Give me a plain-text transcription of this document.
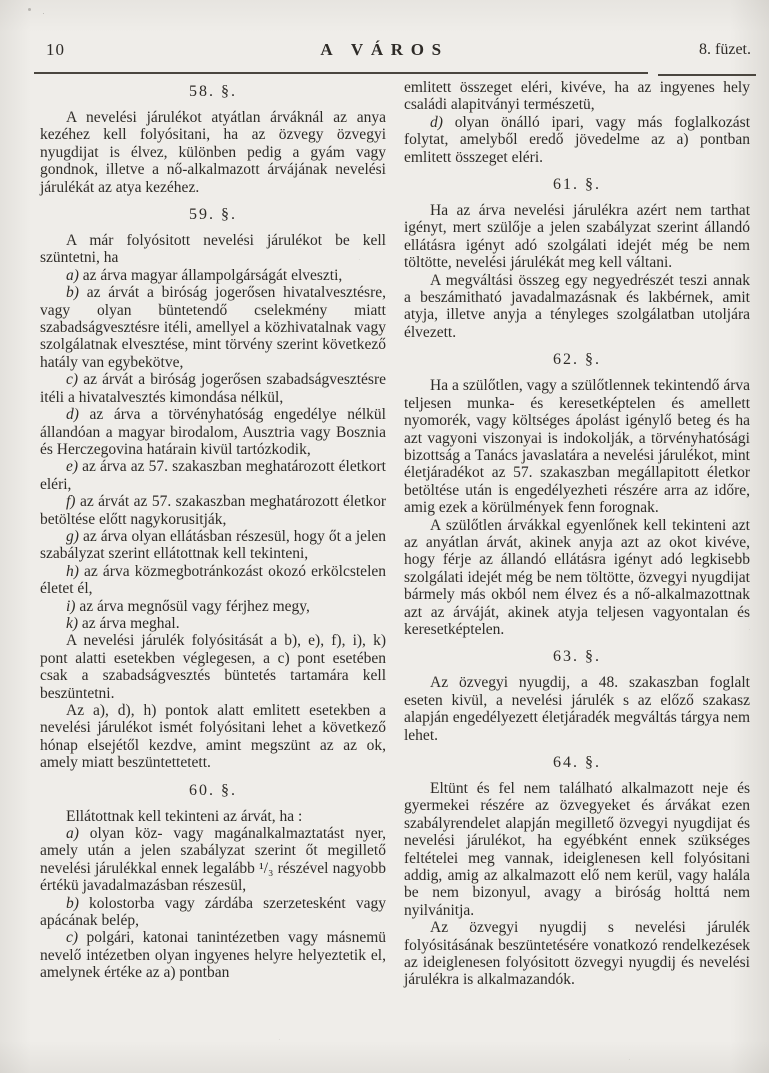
10	A VÁROS	8. füzet.
58. §.

A nevelési járulékot atyátlan árváknál az anya kezéhez kell folyósitani, ha az özvegy özvegyi nyugdijat is élvez, különben pedig a gyám vagy gondnok, illetve a nő-alkalmazott árvájának nevelési járulékát az atya kezéhez.

59. §.

A már folyósitott nevelési járulékot be kell szüntetni, ha

a) az árva magyar állampolgárságát elveszti,

b) az árvát a biróság jogerősen hivatalvesztésre, vagy olyan büntetendő cselekmény miatt szabadságvesztésre itéli, amellyel a közhivatalnak vagy szolgálatnak elvesztése, mint törvény szerint következő hatály van egybekötve,

c) az árvát a biróság jogerősen szabadságvesztésre itéli a hivatalvesztés kimondása nélkül,

d) az árva a törvényhatóság engedélye nélkül állandóan a magyar birodalom, Ausztria vagy Bosznia és Herczegovina határain kivül tartózkodik,

e) az árva az 57. szakaszban meghatározott életkort eléri,

f) az árvát az 57. szakaszban meghatározott életkor betöltése előtt nagykorusitják,

g) az árva olyan ellátásban részesül, hogy őt a jelen szabályzat szerint ellátottnak kell tekinteni,

h) az árva közmegbotránkozást okozó erkölcstelen életet él,

i) az árva megnősül vagy férjhez megy,

k) az árva meghal.

A nevelési járulék folyósitását a b), e), f), i), k) pont alatti esetekben véglegesen, a c) pont esetében csak a szabadságvesztés büntetés tartamára kell beszüntetni.

Az a), d), h) pontok alatt emlitett esetekben a nevelési járulékot ismét folyósitani lehet a következő hónap elsejétől kezdve, amint megszünt az az ok, amely miatt beszüntettetett.

60. §.

Ellátottnak kell tekinteni az árvát, ha :

a) olyan köz- vagy magánalkalmaztatást nyer, amely után a jelen szabályzat szerint őt megillető nevelési járulékkal ennek legalább ¹/₃ részével nagyobb értékü javadalmazásban részesül,

b) kolostorba vagy zárdába szerzetesként vagy apácának belép,

c) polgári, katonai tanintézetben vagy másnemü nevelő intézetben olyan ingyenes helyre helyeztetik el, amelynek értéke az a) pontban

emlitett összeget eléri, kivéve, ha az ingyenes hely családi alapitványi természetü,

d) olyan önálló ipari, vagy más foglalkozást folytat, amelyből eredő jövedelme az a) pontban emlitett összeget eléri.

61. §.

Ha az árva nevelési járulékra azért nem tarthat igényt, mert szülője a jelen szabályzat szerint állandó ellátásra igényt adó szolgálati idejét még be nem töltötte, nevelési járulékát meg kell váltani.

A megváltási összeg egy negyedrészét teszi annak a beszámitható javadalmazásnak és lakbérnek, amit atyja, illetve anyja a tényleges szolgálatban utoljára élvezett.

62. §.

Ha a szülőtlen, vagy a szülőtlennek tekintendő árva teljesen munka- és keresetképtelen és amellett nyomorék, vagy költséges ápolást igénylő beteg és ha azt vagyoni viszonyai is indokolják, a törvényhatósági bizottság a Tanács javaslatára a nevelési járulékot, mint életjáradékot az 57. szakaszban megállapitott életkor betöltése után is engedélyezheti részére arra az időre, amig ezek a körülmények fenn forognak.

A szülőtlen árvákkal egyenlőnek kell tekinteni azt az anyátlan árvát, akinek anyja azt az okot kivéve, hogy férje az állandó ellátásra igényt adó legkisebb szolgálati idejét még be nem töltötte, özvegyi nyugdijat bármely más okból nem élvez és a nő-alkalmazottnak azt az árváját, akinek atyja teljesen vagyontalan és keresetképtelen.

63. §.

Az özvegyi nyugdij, a 48. szakaszban foglalt eseten kivül, a nevelési járulék s az előző szakasz alapján engedélyezett életjáradék megváltás tárgya nem lehet.

64. §.

Eltünt és fel nem található alkalmazott neje és gyermekei részére az özvegyeket és árvákat ezen szabályrendelet alapján megillető özvegyi nyugdijat és nevelési járulékot, ha egyébként ennek szükséges feltételei meg vannak, ideiglenesen kell folyósitani addig, amig az alkalmazott elő nem kerül, vagy halála be nem bizonyul, avagy a biróság holttá nem nyilvánitja.

Az özvegyi nyugdij s nevelési járulék folyósitásának beszüntetésére vonatkozó rendelkezések az ideiglenesen folyósitott özvegyi nyugdij és nevelési járulékra is alkalmazandók.
